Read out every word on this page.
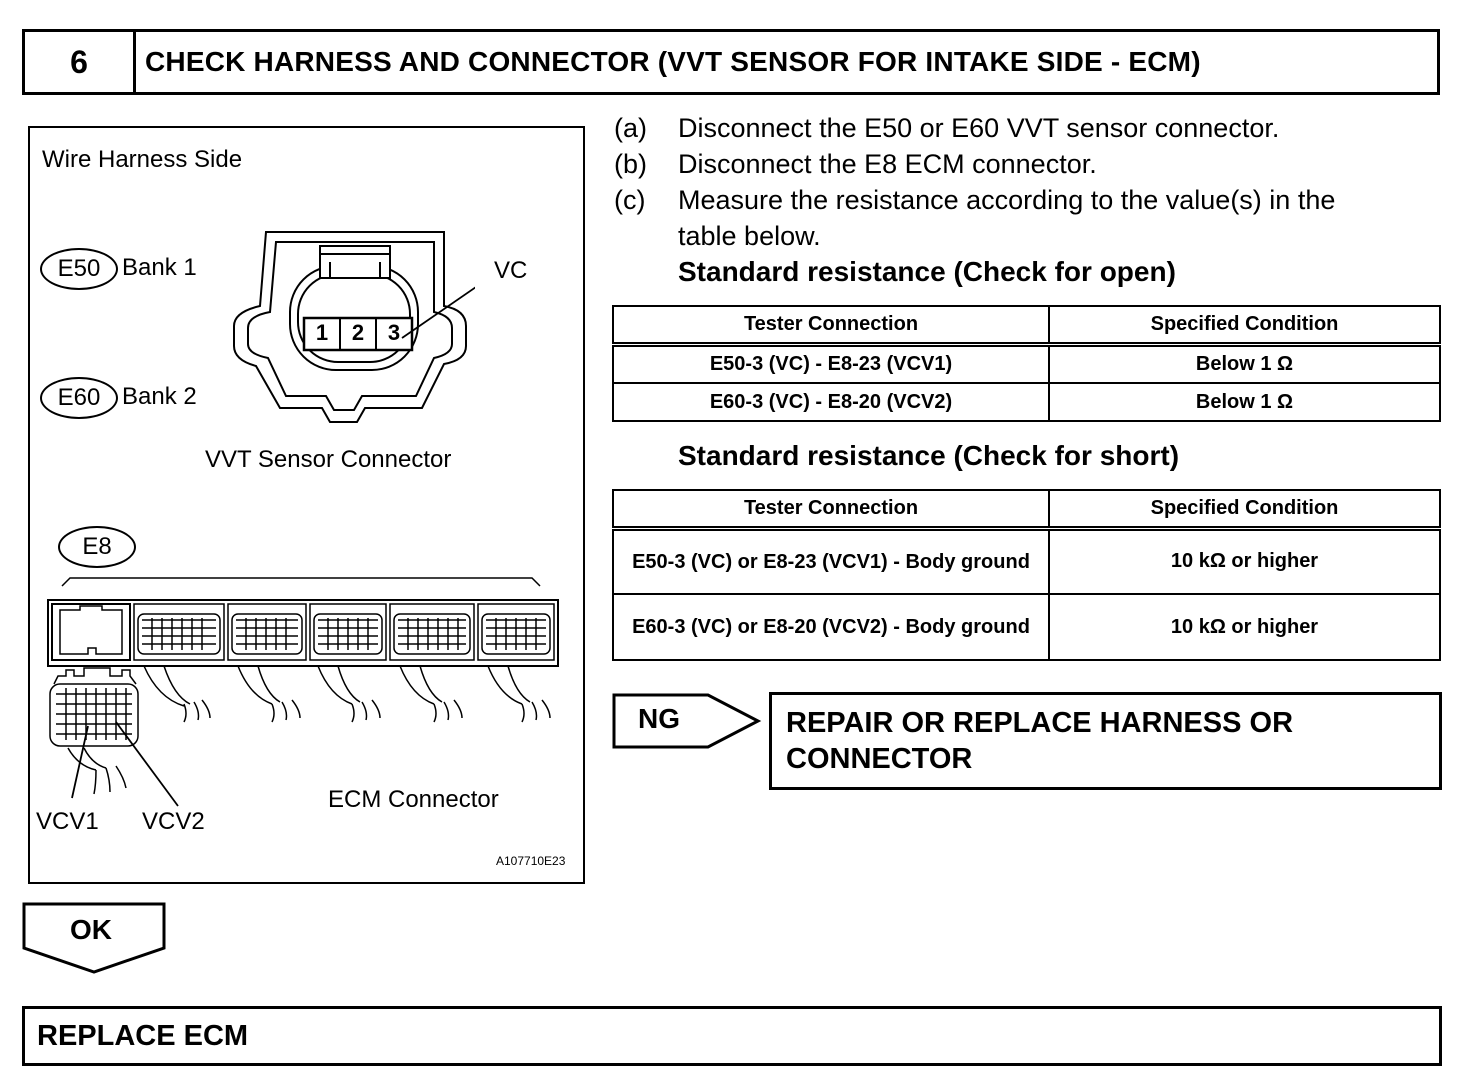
6	CHECK HARNESS AND CONNECTOR (VVT SENSOR FOR INTAKE SIDE - ECM)
Wire Harness Side
E50 Bank 1
E60 Bank 2
VC
1	2	3
VVT Sensor Connector
E8
ECM Connector
VCV1 VCV2
A107710E23
(a) Disconnect the E50 or E60 VVT sensor connector.
(b) Disconnect the E8 ECM connector.
(c) Measure the resistance according to the value(s) in the
table below.
Standard resistance (Check for open)
Tester Connection	Specified Condition
E50-3 (VC) - E8-23 (VCV1)	Below 1 Ω
E60-3 (VC) - E8-20 (VCV2)	Below 1 Ω
Standard resistance (Check for short)
Tester Connection	Specified Condition
E50-3 (VC) or E8-23 (VCV1) - Body ground	10 kΩ or higher
E60-3 (VC) or E8-20 (VCV2) - Body ground	10 kΩ or higher
NG	REPAIR OR REPLACE HARNESS OR
CONNECTOR
OK
REPLACE ECM
